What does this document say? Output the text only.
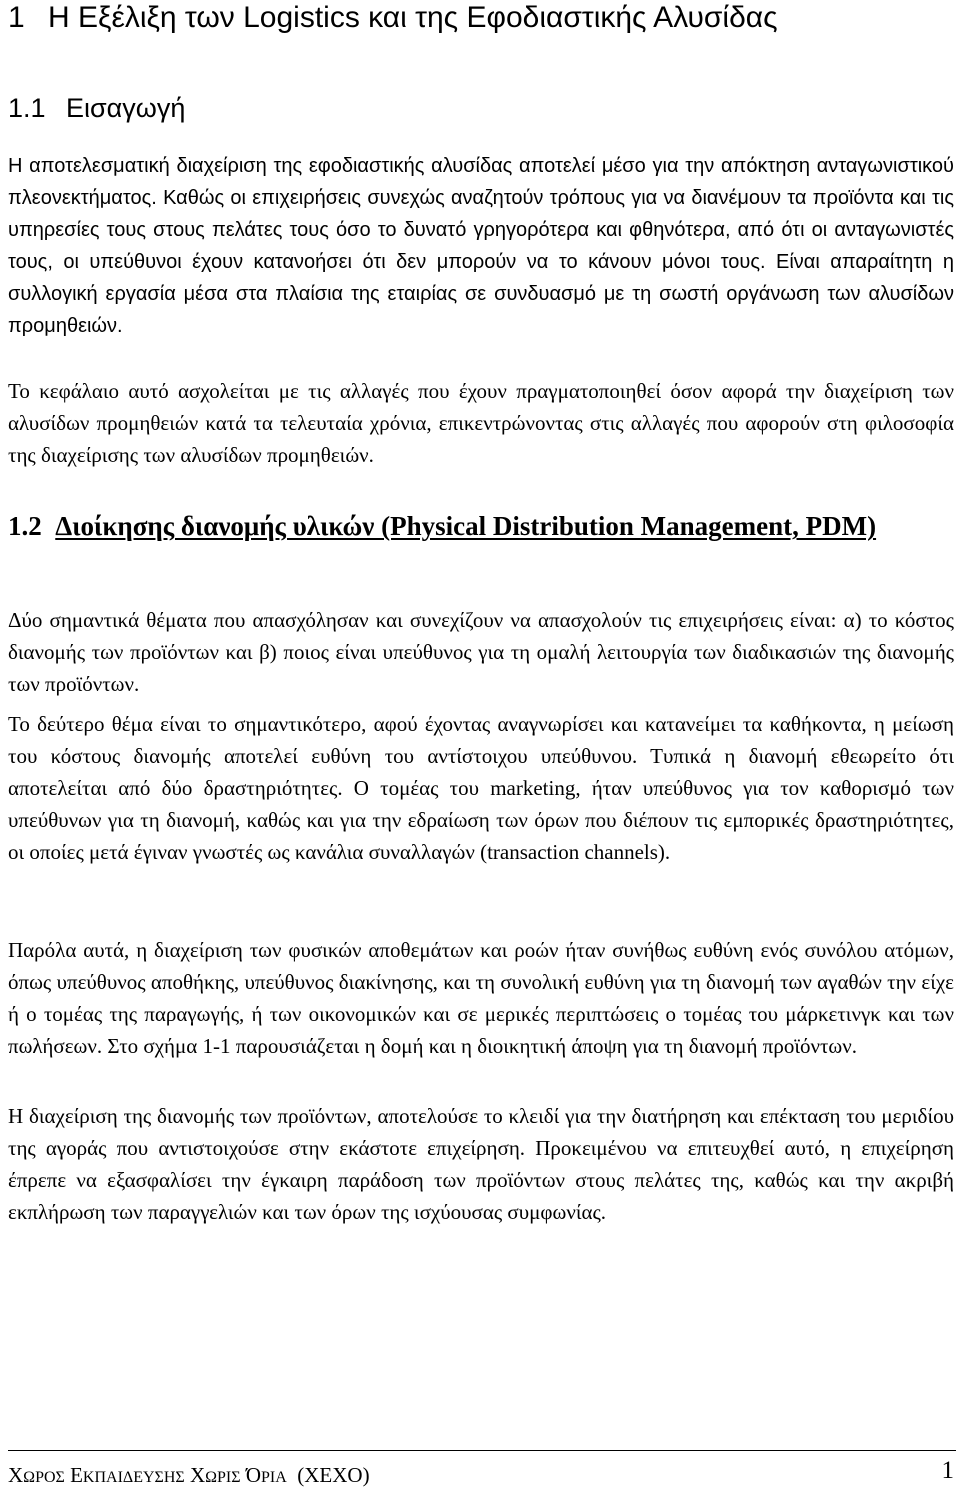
1 Η Εξέλιξη των Logistics και της Εφοδιαστικής Αλυσίδας
1.1 Εισαγωγή

Η αποτελεσματική διαχείριση της εφοδιαστικής αλυσίδας αποτελεί μέσο για την απόκτηση ανταγωνιστικού πλεονεκτήματος. Καθώς οι επιχειρήσεις συνεχώς αναζητούν τρόπους για να διανέμουν τα προϊόντα και τις υπηρεσίες τους στους πελάτες τους όσο το δυνατό γρηγορότερα και φθηνότερα, από ότι οι ανταγωνιστές τους, οι υπεύθυνοι έχουν κατανοήσει ότι δεν μπορούν να το κάνουν μόνοι τους. Είναι απαραίτητη η συλλογική εργασία μέσα στα πλαίσια της εταιρίας σε συνδυασμό με τη σωστή οργάνωση των αλυσίδων προμηθειών.

Το κεφάλαιο αυτό ασχολείται με τις αλλαγές που έχουν πραγματοποιηθεί όσον αφορά την διαχείριση των αλυσίδων προμηθειών κατά τα τελευταία χρόνια, επικεντρώνοντας στις αλλαγές που αφορούν στη φιλοσοφία της διαχείρισης των αλυσίδων προμηθειών.

1.2 Διοίκησης διανομής υλικών (Physical Distribution Management, PDM)

Δύο σημαντικά θέματα που απασχόλησαν και συνεχίζουν να απασχολούν τις επιχειρήσεις είναι: α) το κόστος διανομής των προϊόντων και β) ποιος είναι υπεύθυνος για τη ομαλή λειτουργία των διαδικασιών της διανομής των προϊόντων.

Το δεύτερο θέμα είναι το σημαντικότερο, αφού έχοντας αναγνωρίσει και κατανείμει τα καθήκοντα, η μείωση του κόστους διανομής αποτελεί ευθύνη του αντίστοιχου υπεύθυνου. Τυπικά η διανομή εθεωρείτο ότι αποτελείται από δύο δραστηριότητες. Ο τομέας του marketing, ήταν υπεύθυνος για τον καθορισμό των υπεύθυνων για τη διανομή, καθώς και για την εδραίωση των όρων που διέπουν τις εμπορικές δραστηριότητες, οι οποίες μετά έγιναν γνωστές ως κανάλια συναλλαγών (transaction channels).

Παρόλα αυτά, η διαχείριση των φυσικών αποθεμάτων και ροών ήταν συνήθως ευθύνη ενός συνόλου ατόμων, όπως υπεύθυνος αποθήκης, υπεύθυνος διακίνησης, και τη συνολική ευθύνη για τη διανομή των αγαθών την είχε ή ο τομέας της παραγωγής, ή των οικονομικών και σε μερικές περιπτώσεις ο τομέας του μάρκετινγκ και των πωλήσεων. Στο σχήμα 1-1 παρουσιάζεται η δομή και η διοικητική άποψη για τη διανομή προϊόντων.

Η διαχείριση της διανομής των προϊόντων, αποτελούσε το κλειδί για την διατήρηση και επέκταση του μεριδίου της αγοράς που αντιστοιχούσε στην εκάστοτε επιχείρηση. Προκειμένου να επιτευχθεί αυτό, η επιχείρηση έπρεπε να εξασφαλίσει την έγκαιρη παράδοση των προϊόντων στους πελάτες της, καθώς και την ακριβή εκπλήρωση των παραγγελιών και των όρων της ισχύουσας συμφωνίας.

ΧΩΡΟΣ ΕΚΠΑΙΔΕΥΣΗΣ ΧΩΡΙΣ ΌΡΙΑ (ΧΕΧΟ)	1
